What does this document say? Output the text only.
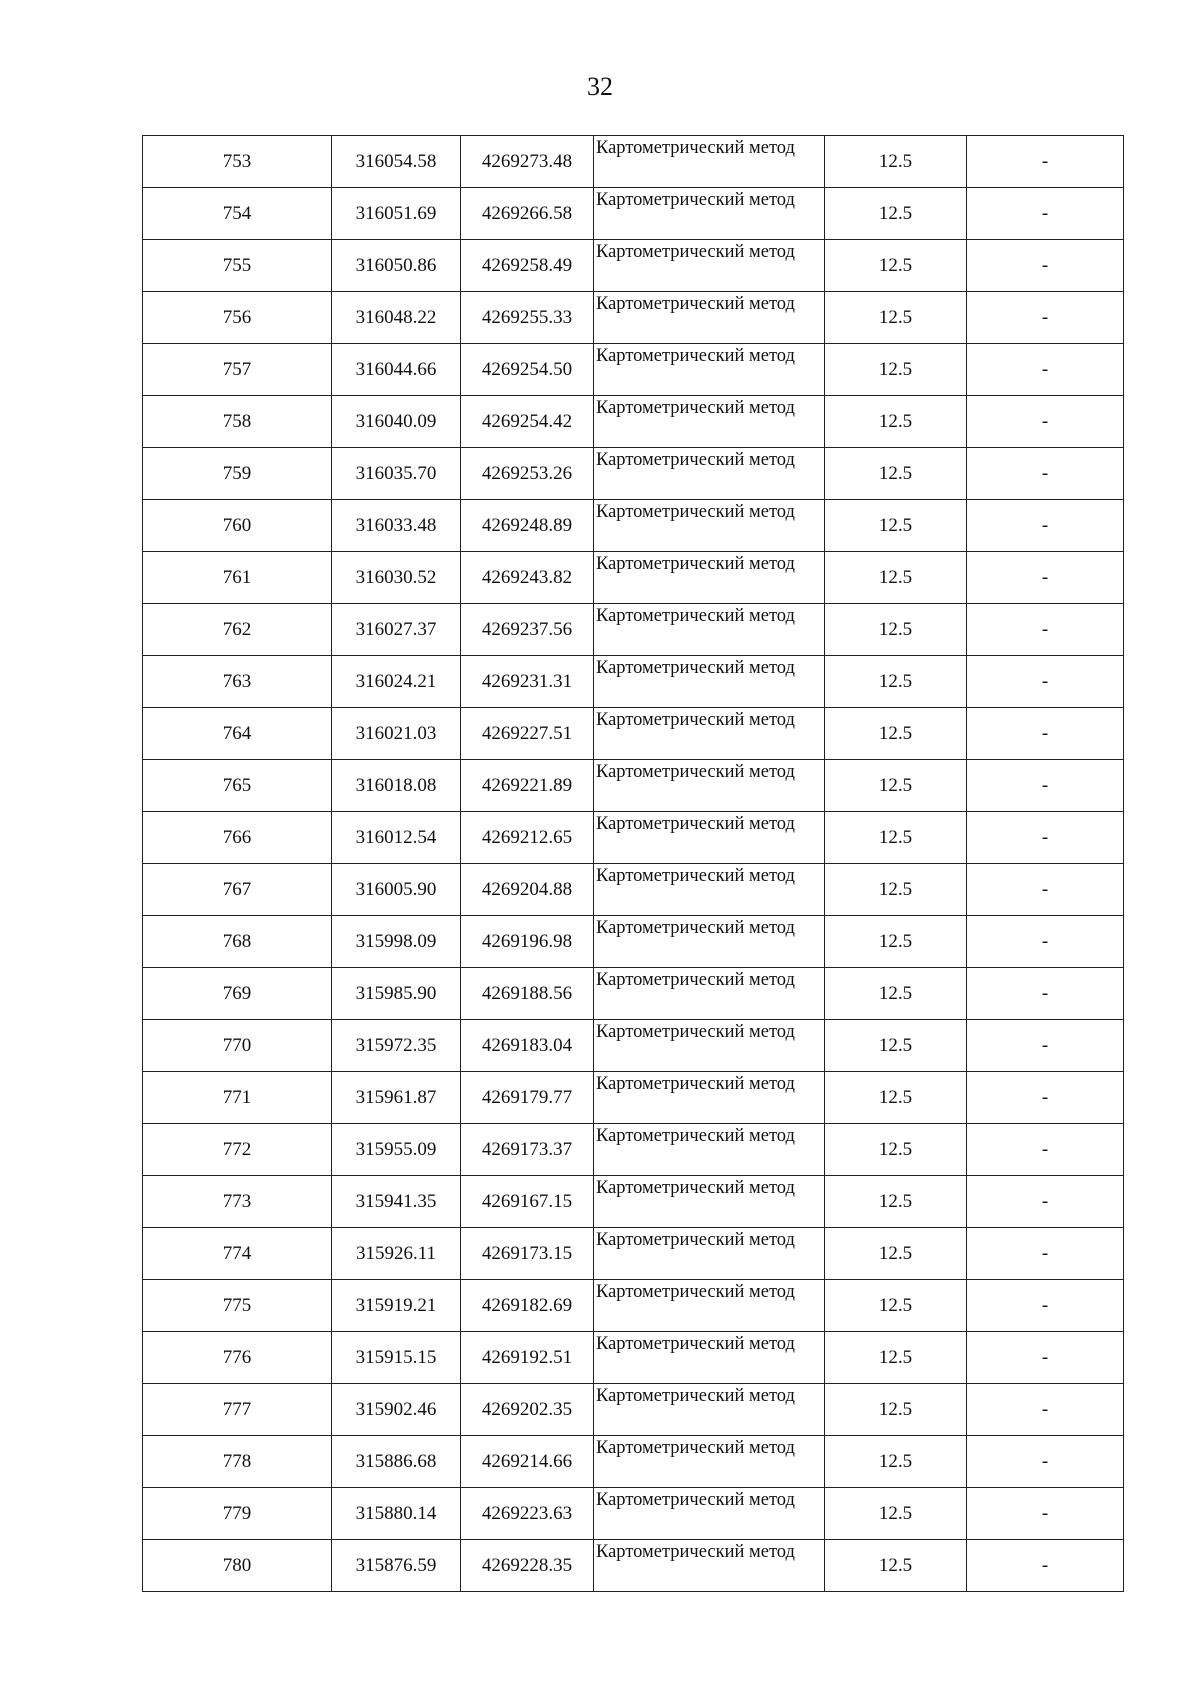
32
753	316054.58	4269273.48	Картометрический метод	12.5	-
754	316051.69	4269266.58	Картометрический метод	12.5	-
755	316050.86	4269258.49	Картометрический метод	12.5	-
756	316048.22	4269255.33	Картометрический метод	12.5	-
757	316044.66	4269254.50	Картометрический метод	12.5	-
758	316040.09	4269254.42	Картометрический метод	12.5	-
759	316035.70	4269253.26	Картометрический метод	12.5	-
760	316033.48	4269248.89	Картометрический метод	12.5	-
761	316030.52	4269243.82	Картометрический метод	12.5	-
762	316027.37	4269237.56	Картометрический метод	12.5	-
763	316024.21	4269231.31	Картометрический метод	12.5	-
764	316021.03	4269227.51	Картометрический метод	12.5	-
765	316018.08	4269221.89	Картометрический метод	12.5	-
766	316012.54	4269212.65	Картометрический метод	12.5	-
767	316005.90	4269204.88	Картометрический метод	12.5	-
768	315998.09	4269196.98	Картометрический метод	12.5	-
769	315985.90	4269188.56	Картометрический метод	12.5	-
770	315972.35	4269183.04	Картометрический метод	12.5	-
771	315961.87	4269179.77	Картометрический метод	12.5	-
772	315955.09	4269173.37	Картометрический метод	12.5	-
773	315941.35	4269167.15	Картометрический метод	12.5	-
774	315926.11	4269173.15	Картометрический метод	12.5	-
775	315919.21	4269182.69	Картометрический метод	12.5	-
776	315915.15	4269192.51	Картометрический метод	12.5	-
777	315902.46	4269202.35	Картометрический метод	12.5	-
778	315886.68	4269214.66	Картометрический метод	12.5	-
779	315880.14	4269223.63	Картометрический метод	12.5	-
780	315876.59	4269228.35	Картометрический метод	12.5	-
